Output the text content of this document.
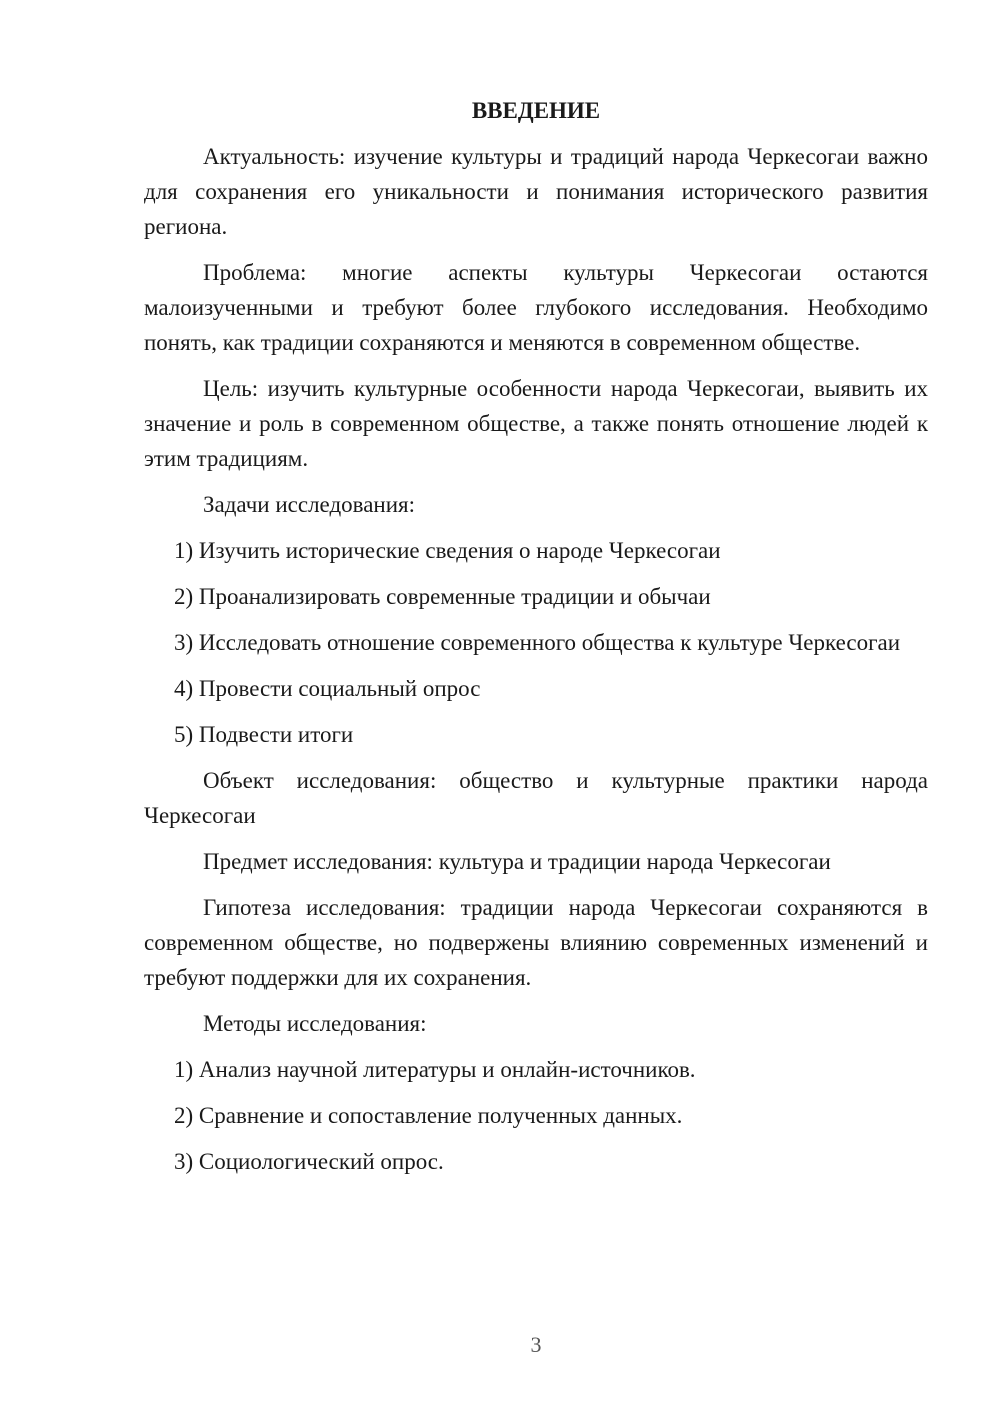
ВВЕДЕНИЕ

Актуальность: изучение культуры и традиций народа Черкесогаи важно для сохранения его уникальности и понимания исторического развития региона.

Проблема: многие аспекты культуры Черкесогаи остаются малоизученными и требуют более глубокого исследования. Необходимо понять, как традиции сохраняются и меняются в современном обществе.

Цель: изучить культурные особенности народа Черкесогаи, выявить их значение и роль в современном обществе, а также понять отношение людей к этим традициям.

Задачи исследования:

1) Изучить исторические сведения о народе Черкесогаи

2) Проанализировать современные традиции и обычаи

3) Исследовать отношение современного общества к культуре Черкесогаи

4) Провести социальный опрос

5) Подвести итоги

Объект исследования: общество и культурные практики народа Черкесогаи

Предмет исследования: культура и традиции народа Черкесогаи

Гипотеза исследования: традиции народа Черкесогаи сохраняются в современном обществе, но подвержены влиянию современных изменений и требуют поддержки для их сохранения.

Методы исследования:

1) Анализ научной литературы и онлайн-источников.

2) Сравнение и сопоставление полученных данных.

3) Социологический опрос.

3
